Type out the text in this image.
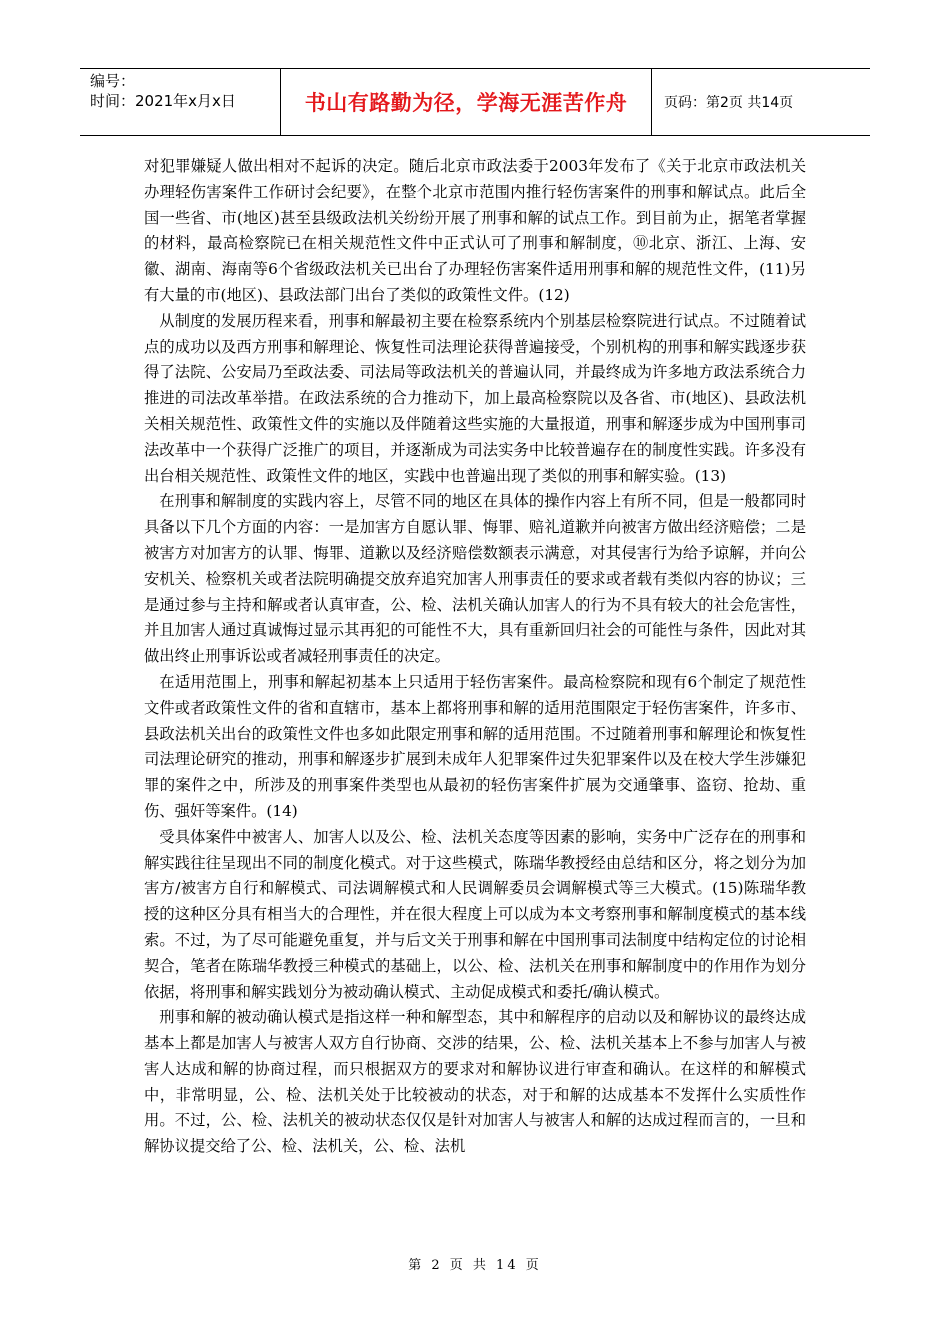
编号：
时间：2021年x月x日	书山有路勤为径，学海无涯苦作舟	页码：第2页 共14页

对犯罪嫌疑人做出相对不起诉的决定。随后北京市政法委于2003年发布了《关于北京市政法机关办理轻伤害案件工作研讨会纪要》，在整个北京市范围内推行轻伤害案件的刑事和解试点。此后全国一些省、市(地区)甚至县级政法机关纷纷开展了刑事和解的试点工作。到目前为止，据笔者掌握的材料，最高检察院已在相关规范性文件中正式认可了刑事和解制度，⑩北京、浙江、上海、安徽、湖南、海南等6个省级政法机关已出台了办理轻伤害案件适用刑事和解的规范性文件，(11)另有大量的市(地区)、县政法部门出台了类似的政策性文件。(12)

从制度的发展历程来看，刑事和解最初主要在检察系统内个别基层检察院进行试点。不过随着试点的成功以及西方刑事和解理论、恢复性司法理论获得普遍接受，个别机构的刑事和解实践逐步获得了法院、公安局乃至政法委、司法局等政法机关的普遍认同，并最终成为许多地方政法系统合力推进的司法改革举措。在政法系统的合力推动下，加上最高检察院以及各省、市(地区)、县政法机关相关规范性、政策性文件的实施以及伴随着这些实施的大量报道，刑事和解逐步成为中国刑事司法改革中一个获得广泛推广的项目，并逐渐成为司法实务中比较普遍存在的制度性实践。许多没有出台相关规范性、政策性文件的地区，实践中也普遍出现了类似的刑事和解实验。(13)

在刑事和解制度的实践内容上，尽管不同的地区在具体的操作内容上有所不同，但是一般都同时具备以下几个方面的内容：一是加害方自愿认罪、悔罪、赔礼道歉并向被害方做出经济赔偿；二是被害方对加害方的认罪、悔罪、道歉以及经济赔偿数额表示满意，对其侵害行为给予谅解，并向公安机关、检察机关或者法院明确提交放弃追究加害人刑事责任的要求或者载有类似内容的协议；三是通过参与主持和解或者认真审查，公、检、法机关确认加害人的行为不具有较大的社会危害性，并且加害人通过真诚悔过显示其再犯的可能性不大，具有重新回归社会的可能性与条件，因此对其做出终止刑事诉讼或者减轻刑事责任的决定。

在适用范围上，刑事和解起初基本上只适用于轻伤害案件。最高检察院和现有6个制定了规范性文件或者政策性文件的省和直辖市，基本上都将刑事和解的适用范围限定于轻伤害案件，许多市、县政法机关出台的政策性文件也多如此限定刑事和解的适用范围。不过随着刑事和解理论和恢复性司法理论研究的推动，刑事和解逐步扩展到未成年人犯罪案件过失犯罪案件以及在校大学生涉嫌犯罪的案件之中，所涉及的刑事案件类型也从最初的轻伤害案件扩展为交通肇事、盗窃、抢劫、重伤、强奸等案件。(14)

受具体案件中被害人、加害人以及公、检、法机关态度等因素的影响，实务中广泛存在的刑事和解实践往往呈现出不同的制度化模式。对于这些模式，陈瑞华教授经由总结和区分，将之划分为加害方/被害方自行和解模式、司法调解模式和人民调解委员会调解模式等三大模式。(15)陈瑞华教授的这种区分具有相当大的合理性，并在很大程度上可以成为本文考察刑事和解制度模式的基本线索。不过，为了尽可能避免重复，并与后文关于刑事和解在中国刑事司法制度中结构定位的讨论相契合，笔者在陈瑞华教授三种模式的基础上，以公、检、法机关在刑事和解制度中的作用作为划分依据，将刑事和解实践划分为被动确认模式、主动促成模式和委托/确认模式。

刑事和解的被动确认模式是指这样一种和解型态，其中和解程序的启动以及和解协议的最终达成基本上都是加害人与被害人双方自行协商、交涉的结果，公、检、法机关基本上不参与加害人与被害人达成和解的协商过程，而只根据双方的要求对和解协议进行审查和确认。在这样的和解模式中，非常明显，公、检、法机关处于比较被动的状态，对于和解的达成基本不发挥什么实质性作用。不过，公、检、法机关的被动状态仅仅是针对加害人与被害人和解的达成过程而言的，一旦和解协议提交给了公、检、法机关，公、检、法机

第 2 页 共 14 页
